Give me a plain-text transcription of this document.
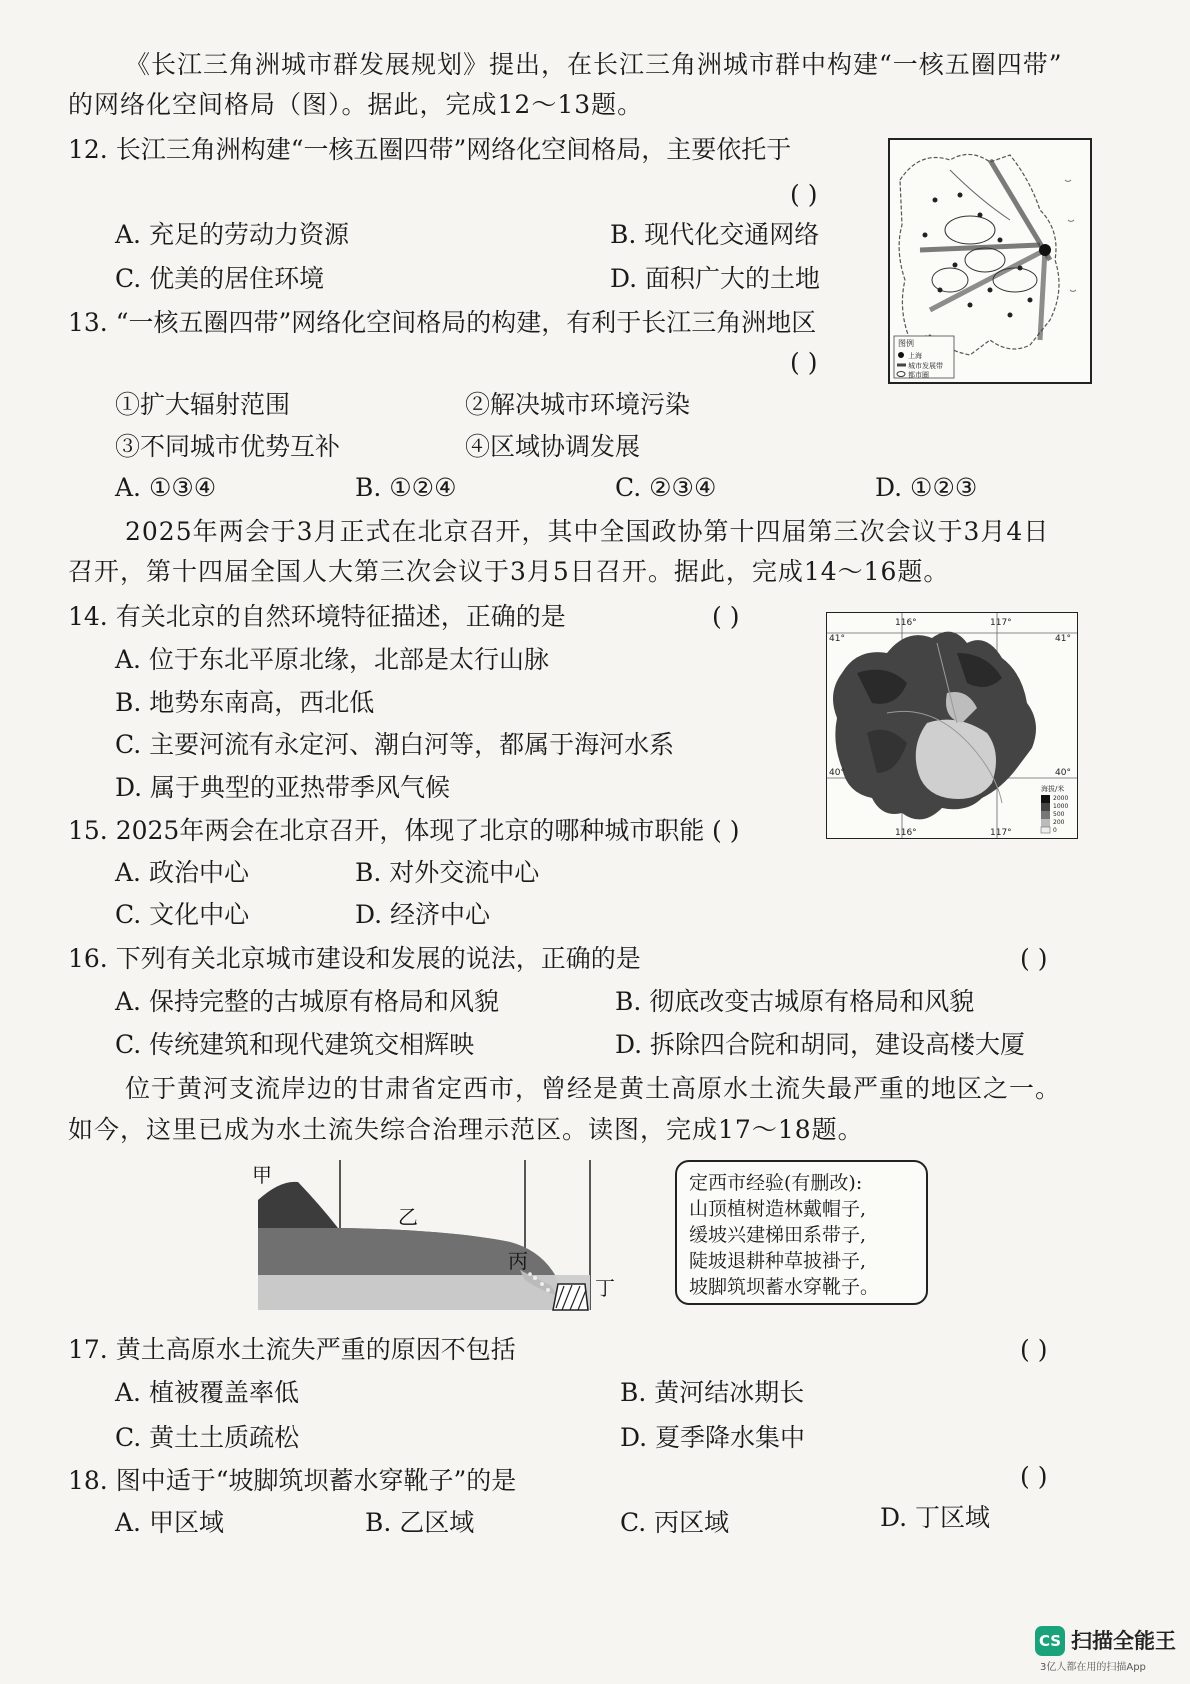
《长江三角洲城市群发展规划》提出，在长江三角洲城市群中构建“一核五圈四带”
的网络化空间格局（图）。据此，完成12～13题。
12. 长江三角洲构建“一核五圈四带”网络化空间格局，主要依托于
( )
A. 充足的劳动力资源	B. 现代化交通网络
C. 优美的居住环境	D. 面积广大的土地
13. “一核五圈四带”网络化空间格局的构建，有利于长江三角洲地区
( )
①扩大辐射范围	②解决城市环境污染
③不同城市优势互补	④区域协调发展
A. ①③④	B. ①②④	C. ②③④	D. ①②③
图例
上海
城市发展带
都市圈
2025年两会于3月正式在北京召开，其中全国政协第十四届第三次会议于3月4日
召开，第十四届全国人大第三次会议于3月5日召开。据此，完成14～16题。
14. 有关北京的自然环境特征描述，正确的是	( )
A. 位于东北平原北缘，北部是太行山脉
B. 地势东南高，西北低
C. 主要河流有永定河、潮白河等，都属于海河水系
D. 属于典型的亚热带季风气候
116°	117°
41°	41°
40°	40°
116°	117°
海拔/米
2000
1000
500
200
0
15. 2025年两会在北京召开，体现了北京的哪种城市职能 ( )
A. 政治中心	B. 对外交流中心
C. 文化中心	D. 经济中心
16. 下列有关北京城市建设和发展的说法，正确的是	( )
A. 保持完整的古城原有格局和风貌	B. 彻底改变古城原有格局和风貌
C. 传统建筑和现代建筑交相辉映	D. 拆除四合院和胡同，建设高楼大厦
位于黄河支流岸边的甘肃省定西市，曾经是黄土高原水土流失最严重的地区之一。
如今，这里已成为水土流失综合治理示范区。读图，完成17～18题。
甲
乙
丙
丁
定西市经验(有删改):
山顶植树造林戴帽子,
缓坡兴建梯田系带子,
陡坡退耕种草披褂子,
坡脚筑坝蓄水穿靴子。
17. 黄土高原水土流失严重的原因不包括	( )
A. 植被覆盖率低	B. 黄河结冰期长
C. 黄土土质疏松	D. 夏季降水集中
18. 图中适于“坡脚筑坝蓄水穿靴子”的是	( )
A. 甲区域	B. 乙区域	C. 丙区域	D. 丁区域
CS 扫描全能王
3亿人都在用的扫描App
